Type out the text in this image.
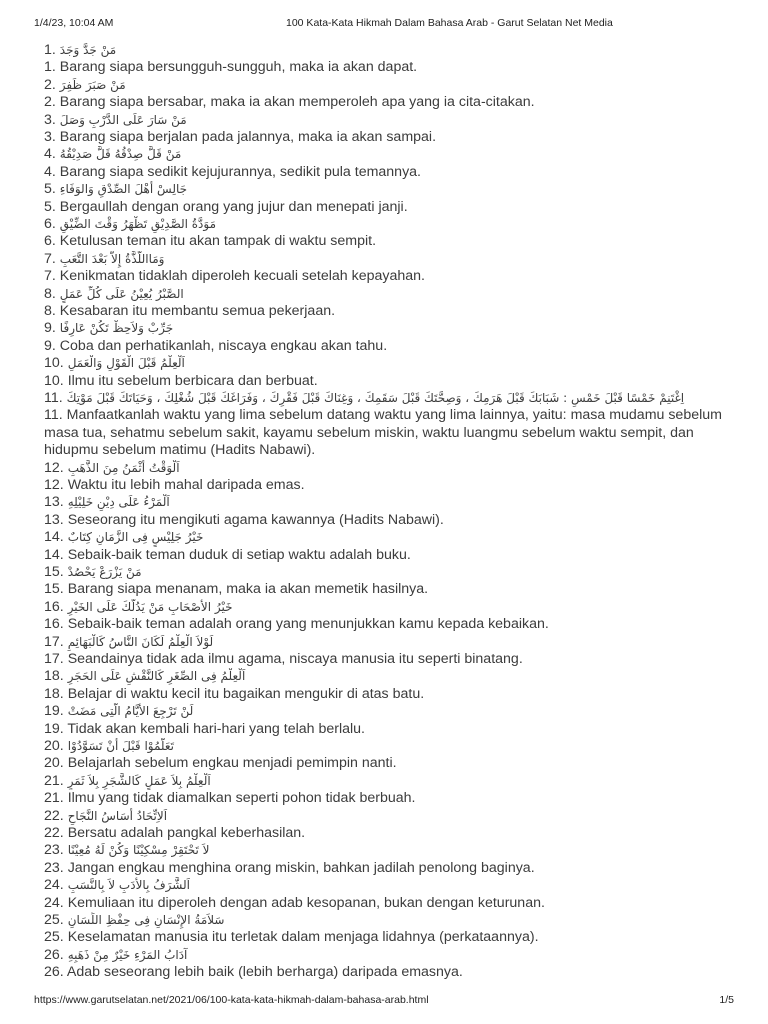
1/4/23, 10:04 AM	100 Kata-Kata Hikmah Dalam Bahasa Arab - Garut Selatan Net Media
1. مَنْ جَدَّ وَجَدَ
1. Barang siapa bersungguh-sungguh, maka ia akan dapat.
2. مَنْ صَبَرَ ظَفِرَ
2. Barang siapa bersabar, maka ia akan memperoleh apa yang ia cita-citakan.
3. مَنْ سَارَ عَلَى الدَّرْبِ وَصَلَ
3. Barang siapa berjalan pada jalannya, maka ia akan sampai.
4. مَنْ قَلَّ صِدْقُهُ قَلَّ صَدِيْقُهُ
4. Barang siapa sedikit kejujurannya, sedikit pula temannya.
5. جَالِسْ أَهْلَ الصِّدْقِ وَالوَفَاءِ
5. Bergaullah dengan orang yang jujur dan menepati janji.
6. مَوَدَّةُ الصَّدِيْقِ تَظْهَرُ وَقْتَ الضِّيْقِ
6. Ketulusan teman itu akan tampak di waktu sempit.
7. وَمَااللَّذَّةُ إِلاَّ بَعْدَ التَّعَبِ
7. Kenikmatan tidaklah diperoleh kecuali setelah kepayahan.
8. الصَّبْرُ يُعِيْنُ عَلَى كُلِّ عَمَلٍ
8. Kesabaran itu membantu semua pekerjaan.
9. جَرِّبْ وَلاَحِظْ تَكُنْ عَارِفًا
9. Coba dan perhatikanlah, niscaya engkau akan tahu.
10. اَلْعِلْمُ قَبْلَ الْقَوْلِ وَالْعَمَلِ
10. Ilmu itu sebelum berbicara dan berbuat.
11. اِغْتَنِمْ خَمْسًا قَبْلَ خَمْسٍ : شَبَابَكَ قَبْلَ هَرَمِكَ ، وَصِحَّتَكَ قَبْلَ سَقَمِكَ ، وَغِنَاكَ قَبْلَ فَقْرِكَ ، وَفَرَاغَكَ قَبْلَ شُغْلِكَ ، وَحَيَاتَكَ قَبْلَ مَوْتِكَ
11. Manfaatkanlah waktu yang lima sebelum datang waktu yang lima lainnya, yaitu: masa mudamu sebelum masa tua, sehatmu sebelum sakit, kayamu sebelum miskin, waktu luangmu sebelum waktu sempit, dan hidupmu sebelum matimu (Hadits Nabawi).
12. اَلْوَقْتُ أَثْمَنُ مِنَ الذَّهَبِ
12. Waktu itu lebih mahal daripada emas.
13. اَلْمَرْءُ عَلَى دِيْنِ خَلِيْلِهِ
13. Seseorang itu mengikuti agama kawannya (Hadits Nabawi).
14. خَيْرُ جَلِيْسٍ فِى الزَّمَانِ كِتَابٌ
14. Sebaik-baik teman duduk di setiap waktu adalah buku.
15. مَنْ يَزْرَعْ يَحْصُدْ
15. Barang siapa menanam, maka ia akan memetik hasilnya.
16. خَيْرُ الأَصْحَابِ مَنْ يَدُلُّكَ عَلَى الخَيْرِ
16. Sebaik-baik teman adalah orang yang menunjukkan kamu kepada kebaikan.
17. لَوْلاَ الْعِلْمُ لَكَانَ النَّاسُ كَالْبَهَائِمِ
17. Seandainya tidak ada ilmu agama, niscaya manusia itu seperti binatang.
18. اَلْعِلْمُ فِى الصِّغَرِ كَالنَّقْشِ عَلَى الحَجَرِ
18. Belajar di waktu kecil itu bagaikan mengukir di atas batu.
19. لَنْ تَرْجِعَ الأَيَّامُ الَّتِى مَضَتْ
19. Tidak akan kembali hari-hari yang telah berlalu.
20. تَعَلَّمُوْا قَبْلَ أَنْ تَسَوَّدُوْا
20. Belajarlah sebelum engkau menjadi pemimpin nanti.
21. اَلْعِلْمُ بِلاَ عَمَلٍ كَالشَّجَرِ بِلاَ ثَمَرٍ
21. Ilmu yang tidak diamalkan seperti pohon tidak berbuah.
22. اَلاِتِّحَادُ أَسَاسُ النَّجَاحِ
22. Bersatu adalah pangkal keberhasilan.
23. لاَ تَحْتَقِرْ مِسْكِيْنًا وَكُنْ لَهُ مُعِيْنًا
23. Jangan engkau menghina orang miskin, bahkan jadilah penolong baginya.
24. اَلشَّرَفُ بِالأَدَبِ لاَ بِالنَّسَبِ
24. Kemuliaan itu diperoleh dengan adab kesopanan, bukan dengan keturunan.
25. سَلاَمَةُ الإِنْسَانِ فِى حِفْظِ اللِّسَانِ
25. Keselamatan manusia itu terletak dalam menjaga lidahnya (perkataannya).
26. آدَابُ المَرْءِ خَيْرٌ مِنْ ذَهَبِهِ
26. Adab seseorang lebih baik (lebih berharga) daripada emasnya.
https://www.garutselatan.net/2021/06/100-kata-kata-hikmah-dalam-bahasa-arab.html	1/5
